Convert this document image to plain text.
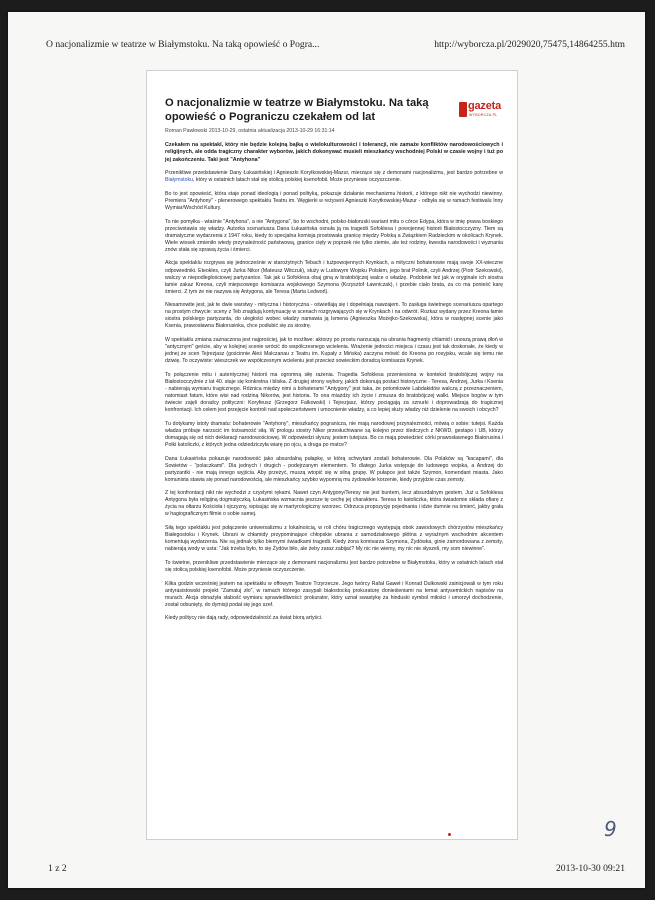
O nacjonalizmie w teatrze w Białymstoku. Na taką opowieść o Pogra...	http://wyborcza.pl/2029020,75475,14864255.htm
O nacjonalizmie w teatrze w Białymstoku. Na taką opowieść o Pograniczu czekałem od lat
gazeta
WYBORCZA.PL
Roman Pawłowski 2013-10-29, ostatnia aktualizacja 2013-10-29 16:31:14
Czekałem na spektakl, który nie będzie kolejną bajką o wielokulturowości i tolerancji, nie zamaże konfliktów narodowościowych i religijnych, ale odda tragiczny charakter wyborów, jakich dokonywać musieli mieszkańcy wschodniej Polski w czasie wojny i tuż po jej zakończeniu. Taki jest "Antyhona"
Przenikliwe przedstawienie Dany Łukasińskiej i Agnieszki Korytkowskiej-Mazur, mierzące się z demonami nacjonalizmu, jest bardzo potrzebne w Białymstoku, który w ostatnich latach stał się stolicą polskiej ksenofobii. Może przyniesie oczyszczenie.
Bo to jest opowieść, która staje ponad ideologią i ponad polityką, pokazuje działanie mechanizmu historii, z którego nikt nie wychodzi niewinny. Premiera "Antyhony" - plenerowego spektaklu Teatru im. Węgierki w reżyserii Agnieszki Korytkowskiej-Mazur - odbyła się w ramach festiwalu Inny Wymiar/Wschód Kultury.
To nie pomyłka - właśnie "Antyhona", a nie "Antygona", bo to wschodni, polsko-białoruski wariant mitu o córce Edypa, która w imię prawa boskiego przeciwstawia się władzy. Autorka scenariusza Dana Łukasińska osnuła ją na tragedii Sofoklesa i powojennej historii Białostocczyzny. Tłem są dramatyczne wydarzenia z 1947 roku, kiedy to specjalna komisja prostowała granicę między Polską a Związkiem Radzieckim w okolicach Krynek. Wiele wiosek zmieniło wtedy przynależność państwową, granice cięły w poprzek nie tylko ziemie, ale też rodziny, kwestia narodowości i wyznania znów stała się sprawą życia i śmierci.
Akcja spektaklu rozgrywa się jednocześnie w starożytnych Tebach i tużpowojennych Krynkach, a mityczni bohaterowie mają swoje XX-wieczne odpowiedniki. Eteokles, czyli Jurka Nikor (Mateusz Witczuk), służy w Ludowym Wojsku Polskim, jego brat Polinik, czyli Andrzej (Piotr Szekowski), walczy w niepodległościowej partyzantce. Tak jak u Sofoklesa obaj giną w bratobójczej walce o władzę. Podobnie też jak w oryginale ich siostra łamie zakaz Kreona, czyli miejscowego komisarza wojskowego Szymona (Krzysztof Ławniczak), i grzebie ciało brata, za co ma ponieść karę śmierci. Z tym że nie nazywa się Antygona, ale Teresa (Marta Ledwoń).
Niesamowite jest, jak te dwie warstwy - mityczna i historyczna - oświetlają się i dopełniają nawzajem. To zasługa świetnego scenariusza opartego na prostym chwycie: sceny z Teb znajdują kontynuację w scenach rozgrywających się w Krynkach i na odwrót. Rozkaz wydany przez Kreona łamie siostra polskiego partyzanta, do uległości wobec władzy namawia ją Ismena (Agnieszka Możejko-Szekowska), która w następnej scenie jako Ksenia, prawosławna Białorusinka, chce pośłubić się za siostrę.
W spektaklu zmiana zaznaczona jest najprościej, jak to możliwe: aktorzy po prostu narzucają na ubrania fragmenty chlamid i unoszą prawą dłoń w "antycznym" geście, aby w kolejnej scenie wrócić do współczesnego wcielenia. Wrażenie jedności miejsca i czasu jest tak doskonałe, że kiedy w jednej ze scen Tejrezjasz (gościnnie Aleś Malczanau z Teatru im. Kupały z Mińska) zaczyna mówić do Kreona po rosyjsku, wcale się temu nie dziwię. To oczywiste: wieszczek we współczesnym wcieleniu jest przecież sowieckim doradcą komisarza Krynek.
To połączenie mitu i autentycznej historii ma ogromną siłę rażenia. Tragedia Sofoklesa przeniesiona w kontekst bratobójczej wojny na Białostocczyźnie z lat 40. staje się konkretna i bliska. Z drugiej strony wybory, jakich dokonują postaci historyczne - Teresa, Andrzej, Jurka i Ksenia - nabierają wymiaru tragicznego. Różnica między nimi a bohaterami "Antygony" jest taka, że potomkowie Labdakidów walczą z przeznaczeniem, natomiast fatum, które wisi nad rodziną Nikorów, jest historia. To ona miażdży ich życie i zmusza do bratobójczej walki. Miejsce bogów w tym świecie zajęli doradcy polityczni: Koryfeusz (Grzegorz Falkowski) i Tejrezjasz, którzy pociągają za sznurki i doprowadzają do tragicznej konfrontacji. Ich celem jest przejęcie kontroli nad społeczeństwem i umocnienie władzy, a co lepiej służy władzy niż dzielenie na swoich i obcych?
Tu dotykamy istoty dramatu: bohaterowie "Antyhony", mieszkańcy pogranicza, nie mają narodowej przynależności, mówią o sobie: tutejsi. Każda władza próbuje narzucić im tożsamość siłą. W prologu siostry Nikor przesłuchiwane są kolejno przez śledczych z NKWD, gestapo i UB, którzy domagają się od nich deklaracji narodowościowej. W odpowiedzi słyszą: jestem tutejsza. Bo co mają powiedzieć córki prawosławnego Białorusina i Polki katoliczki, z których jedna odziedziczyła wiarę po ojcu, a druga po matce?
Dana Łukasińska pokazuje narodowość jako absurdalną pułapkę, w którą schwytani zostali bohaterowie. Dla Polaków są "kacapami", dla Sowietów - "polaczkami". Dla jednych i drugich - podejrzanym elementem. To dlatego Jurka wstępuje do ludowego wojska, a Andrzej do partyzantki - nie mają innego wyjścia. Aby przeżyć, muszą wtopić się w silną grupę. W pułapce jest także Szymon, komendant miasta. Jako komunista stawia się ponad narodowością, ale mieszkańcy szybko wypomną mu żydowskie korzenie, kiedy przyjdzie czas zemsty.
Z tej konfrontacji nikt nie wychodzi z czystymi rękami. Nawet czyn Antygony/Teresy nie jest buntem, lecz absurdalnym gestem. Już u Sofoklesa Antygona była religijną dogmatyczką, Łukasińska wzmacnia jeszcze tę cechę jej charakteru. Teresa to katoliczka, która świadomie składa ofiarę z życia na ołtarzu Kościoła i ojczyzny, wpisując się w martyrologiczny wzorzec. Odrzuca propozycję pojednania i idzie dumnie na śmierć, jakby grała w hagiograficznym filmie o sobie samej.
Siłą tego spektaklu jest połączenie uniwersalizmu z lokalnością, w roli chóru tragicznego występują obok zawodowych chórzystów mieszkańcy Białegostoku i Krynek. Ubrani w chłamidy przypominające chłopskie ubrania z samodziałowego płótna z wyraźnym wschodnim akcentem komentują wydarzenia. Nie są jednak tylko biernymi świadkami tragedii. Kiedy żona komisarza Szymona, Żydówka, ginie zamordowana z zemsty, nabierają wody w usta: "Jak trzeba było, to się Żydów biło, ale żeby zaraz zabijać? My nic nie wiemy, my nic nie słyszeli, my som niewinne".
To świetne, przenikliwe przedstawienie mierzące się z demonami nacjonalizmu jest bardzo potrzebne w Białymstoku, który w ostatnich latach stał się stolicą polskiej ksenofobii. Może przyniesie oczyszczenie.
Kilka godzin wcześniej jestem na spektaklu w offowym Teatrze Trzyrzecze. Jego twórcy Rafał Gaweł i Konrad Dulkowski zainicjowali w tym roku antyrasistowski projekt "Zamaluj zło", w ramach którego zasypali białostocką prokuraturę donieśieniami na temat antysemickich napisów na murach. Akcja obnażyła słabość wymiaru sprawiedliwości: prokurator, który uznał swastykę za hinduski symbol miłości i umorzył dochodzenie, został odsunięty, do dymisji podał się jego szef.
Kiedy politycy nie dają rady, odpowiedzialność za świat biorą artyści.
9
1 z 2	2013-10-30 09:21
